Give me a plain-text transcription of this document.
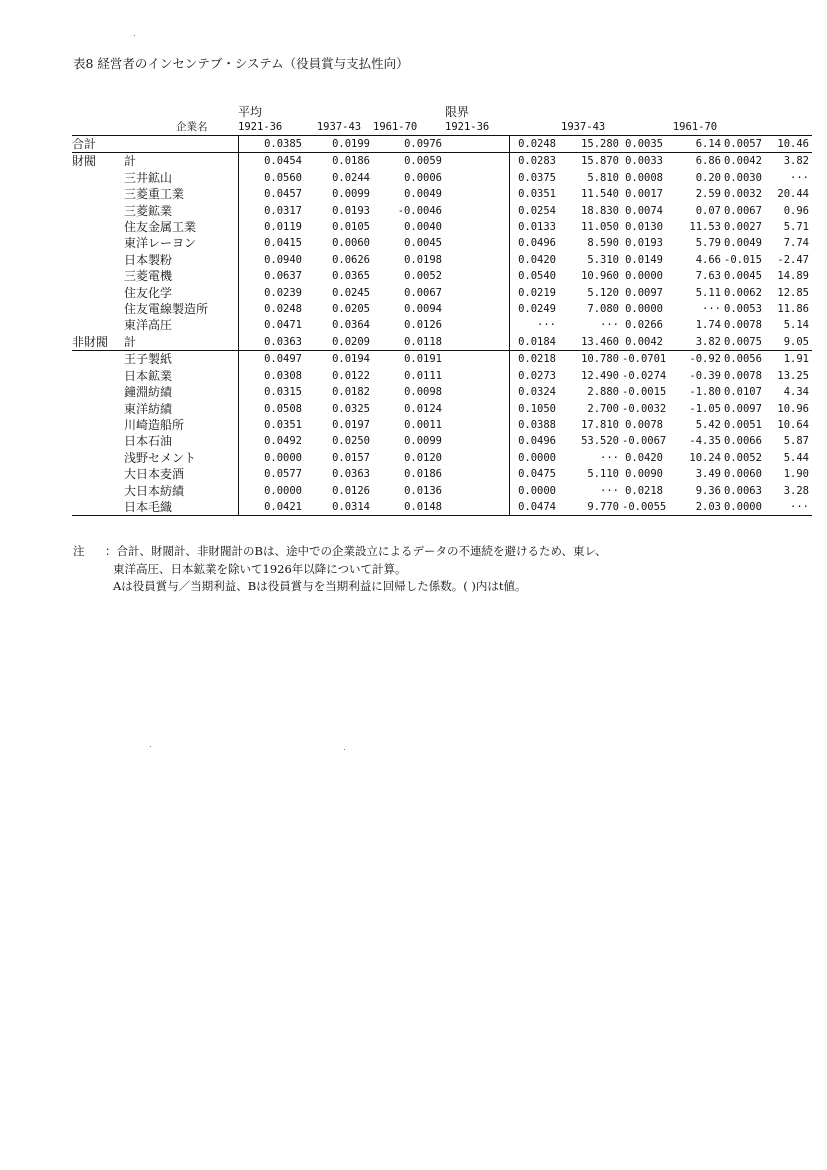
表8 経営者のインセンテブ・システム（役員賞与支払性向）
		平均			限界						
	企業名	1921-36	1937-43	1961-70	1921-36		1937-43		1961-70		
合計		0.0385	0.0199	0.0976		0.0248	15.280	0.0035	6.14	0.0057	10.46
財閥	計	0.0454	0.0186	0.0059		0.0283	15.870	0.0033	6.86	0.0042	3.82
	三井鉱山	0.0560	0.0244	0.0006		0.0375	5.810	0.0008	0.20	0.0030	···
	三菱重工業	0.0457	0.0099	0.0049		0.0351	11.540	0.0017	2.59	0.0032	20.44
	三菱鉱業	0.0317	0.0193	-0.0046		0.0254	18.830	0.0074	0.07	0.0067	0.96
	住友金属工業	0.0119	0.0105	0.0040		0.0133	11.050	0.0130	11.53	0.0027	5.71
	東洋レーヨン	0.0415	0.0060	0.0045		0.0496	8.590	0.0193	5.79	0.0049	7.74
	日本製粉	0.0940	0.0626	0.0198		0.0420	5.310	0.0149	4.66	-0.015	-2.47
	三菱電機	0.0637	0.0365	0.0052		0.0540	10.960	0.0000	7.63	0.0045	14.89
	住友化学	0.0239	0.0245	0.0067		0.0219	5.120	0.0097	5.11	0.0062	12.85
	住友電線製造所	0.0248	0.0205	0.0094		0.0249	7.080	0.0000	···	0.0053	11.86
	東洋高圧	0.0471	0.0364	0.0126		···	···	0.0266	1.74	0.0078	5.14
非財閥	計	0.0363	0.0209	0.0118		0.0184	13.460	0.0042	3.82	0.0075	9.05
	王子製紙	0.0497	0.0194	0.0191		0.0218	10.780	-0.0701	-0.92	0.0056	1.91
	日本鉱業	0.0308	0.0122	0.0111		0.0273	12.490	-0.0274	-0.39	0.0078	13.25
	鐘淵紡績	0.0315	0.0182	0.0098		0.0324	2.880	-0.0015	-1.80	0.0107	4.34
	東洋紡績	0.0508	0.0325	0.0124		0.1050	2.700	-0.0032	-1.05	0.0097	10.96
	川崎造船所	0.0351	0.0197	0.0011		0.0388	17.810	0.0078	5.42	0.0051	10.64
	日本石油	0.0492	0.0250	0.0099		0.0496	53.520	-0.0067	-4.35	0.0066	5.87
	浅野セメント	0.0000	0.0157	0.0120		0.0000	···	0.0420	10.24	0.0052	5.44
	大日本麦酒	0.0577	0.0363	0.0186		0.0475	5.110	0.0090	3.49	0.0060	1.90
	大日本紡績	0.0000	0.0126	0.0136		0.0000	···	0.0218	9.36	0.0063	3.28
	日本毛織	0.0421	0.0314	0.0148		0.0474	9.770	-0.0055	2.03	0.0000	···
注 ：合計、財閥計、非財閥計のBは、途中での企業設立によるデータの不連続を避けるため、東レ、
東洋高圧、日本鉱業を除いて1926年以降について計算。
Aは役員賞与／当期利益、Bは役員賞与を当期利益に回帰した係数。( )内はt値。
